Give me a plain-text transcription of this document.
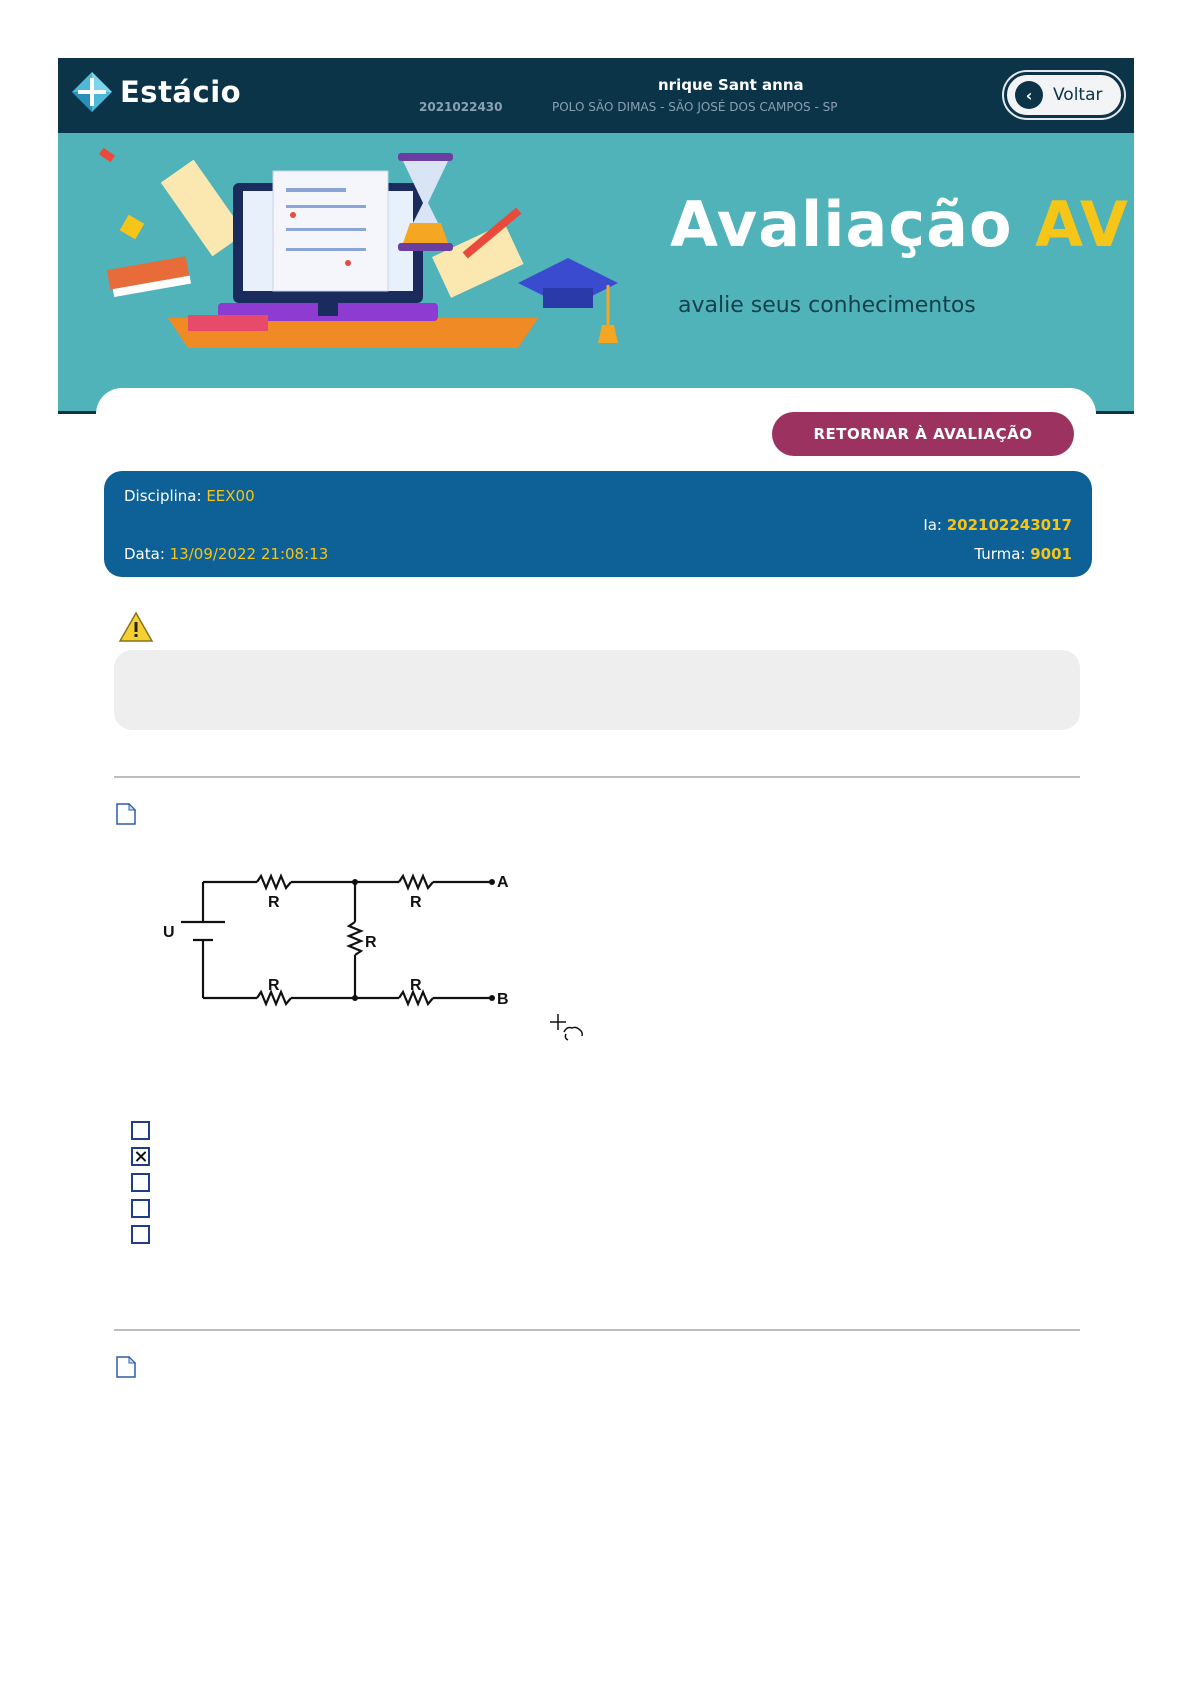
Estácio	nrique Sant anna
2021022430	POLO SÃO DIMAS - SÃO JOSÉ DOS CAMPOS - SP
‹	Voltar
Avaliação AV
avalie seus conhecimentos
RETORNAR À AVALIAÇÃO
Disciplina: EEX00
Ia: 202102243017
Data: 13/09/2022 21:08:13	Turma: 9001
U
R	R
R
R	R
A
B
